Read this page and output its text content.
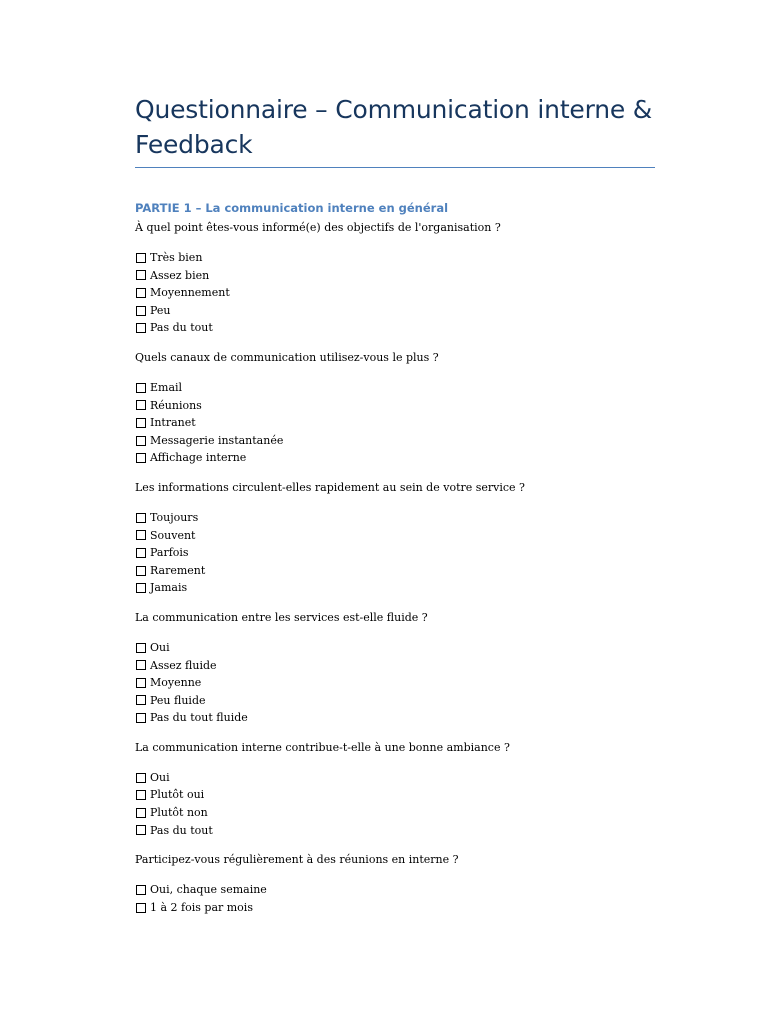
Questionnaire – Communication interne & Feedback
PARTIE 1 – La communication interne en général

À quel point êtes-vous informé(e) des objectifs de l'organisation ?

Très bien
Assez bien
Moyennement
Peu
Pas du tout

Quels canaux de communication utilisez-vous le plus ?

Email
Réunions
Intranet
Messagerie instantanée
Affichage interne

Les informations circulent-elles rapidement au sein de votre service ?

Toujours
Souvent
Parfois
Rarement
Jamais

La communication entre les services est-elle fluide ?

Oui
Assez fluide
Moyenne
Peu fluide
Pas du tout fluide

La communication interne contribue-t-elle à une bonne ambiance ?

Oui
Plutôt oui
Plutôt non
Pas du tout

Participez-vous régulièrement à des réunions en interne ?

Oui, chaque semaine
1 à 2 fois par mois
